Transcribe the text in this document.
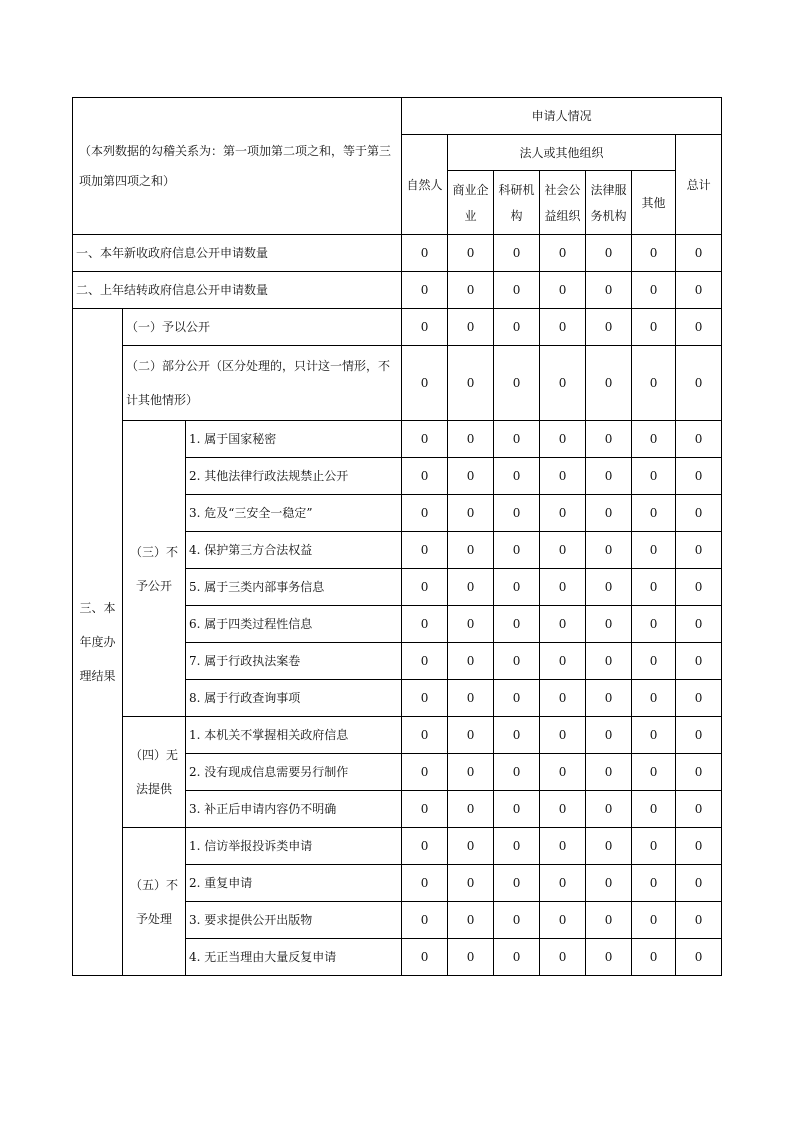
（本列数据的勾稽关系为：第一项加第二项之和，等于第三项加第四项之和）			申请人情况						
			自然人	法人或其他组织					总计
				商业企业	科研机构	社会公益组织	法律服务机构	其他	
一、本年新收政府信息公开申请数量			0	0	0	0	0	0	0
二、上年结转政府信息公开申请数量			0	0	0	0	0	0	0
三、本年度办理结果	（一）予以公开		0	0	0	0	0	0	0
	（二）部分公开（区分处理的，只计这一情形，不计其他情形）		0	0	0	0	0	0	0
	（三）不予公开	1. 属于国家秘密	0	0	0	0	0	0	0
		2. 其他法律行政法规禁止公开	0	0	0	0	0	0	0
		3. 危及“三安全一稳定”	0	0	0	0	0	0	0
		4. 保护第三方合法权益	0	0	0	0	0	0	0
		5. 属于三类内部事务信息	0	0	0	0	0	0	0
		6. 属于四类过程性信息	0	0	0	0	0	0	0
		7. 属于行政执法案卷	0	0	0	0	0	0	0
		8. 属于行政查询事项	0	0	0	0	0	0	0
	（四）无法提供	1. 本机关不掌握相关政府信息	0	0	0	0	0	0	0
		2. 没有现成信息需要另行制作	0	0	0	0	0	0	0
		3. 补正后申请内容仍不明确	0	0	0	0	0	0	0
	（五）不予处理	1. 信访举报投诉类申请	0	0	0	0	0	0	0
		2. 重复申请	0	0	0	0	0	0	0
		3. 要求提供公开出版物	0	0	0	0	0	0	0
		4. 无正当理由大量反复申请	0	0	0	0	0	0	0
